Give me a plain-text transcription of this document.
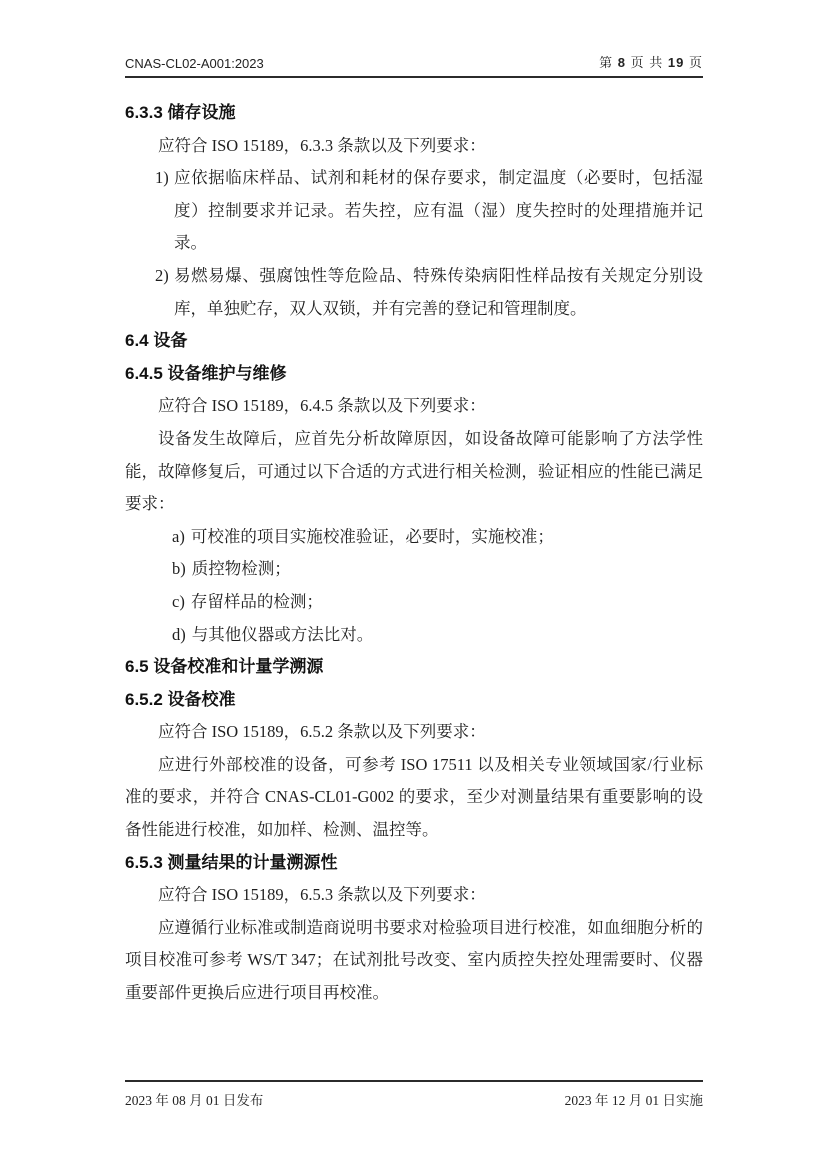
CNAS-CL02-A001:2023	第 8 页 共 19 页
6.3.3 储存设施

应符合 ISO 15189，6.3.3 条款以及下列要求：

1) 应依据临床样品、试剂和耗材的保存要求，制定温度（必要时，包括湿度）控制要求并记录。若失控，应有温（湿）度失控时的处理措施并记录。
2) 易燃易爆、强腐蚀性等危险品、特殊传染病阳性样品按有关规定分别设库，单独贮存，双人双锁，并有完善的登记和管理制度。
6.4 设备
6.4.5 设备维护与维修

应符合 ISO 15189，6.4.5 条款以及下列要求：

设备发生故障后，应首先分析故障原因，如设备故障可能影响了方法学性能，故障修复后，可通过以下合适的方式进行相关检测，验证相应的性能已满足要求：

a) 可校准的项目实施校准验证，必要时，实施校准；
b) 质控物检测；
c) 存留样品的检测；
d) 与其他仪器或方法比对。
6.5 设备校准和计量学溯源
6.5.2 设备校准

应符合 ISO 15189，6.5.2 条款以及下列要求：

应进行外部校准的设备，可参考 ISO 17511 以及相关专业领域国家/行业标准的要求，并符合 CNAS-CL01-G002 的要求，至少对测量结果有重要影响的设备性能进行校准，如加样、检测、温控等。

6.5.3 测量结果的计量溯源性

应符合 ISO 15189，6.5.3 条款以及下列要求：

应遵循行业标准或制造商说明书要求对检验项目进行校准，如血细胞分析的项目校准可参考 WS/T 347；在试剂批号改变、室内质控失控处理需要时、仪器重要部件更换后应进行项目再校准。

2023 年 08 月 01 日发布	2023 年 12 月 01 日实施
